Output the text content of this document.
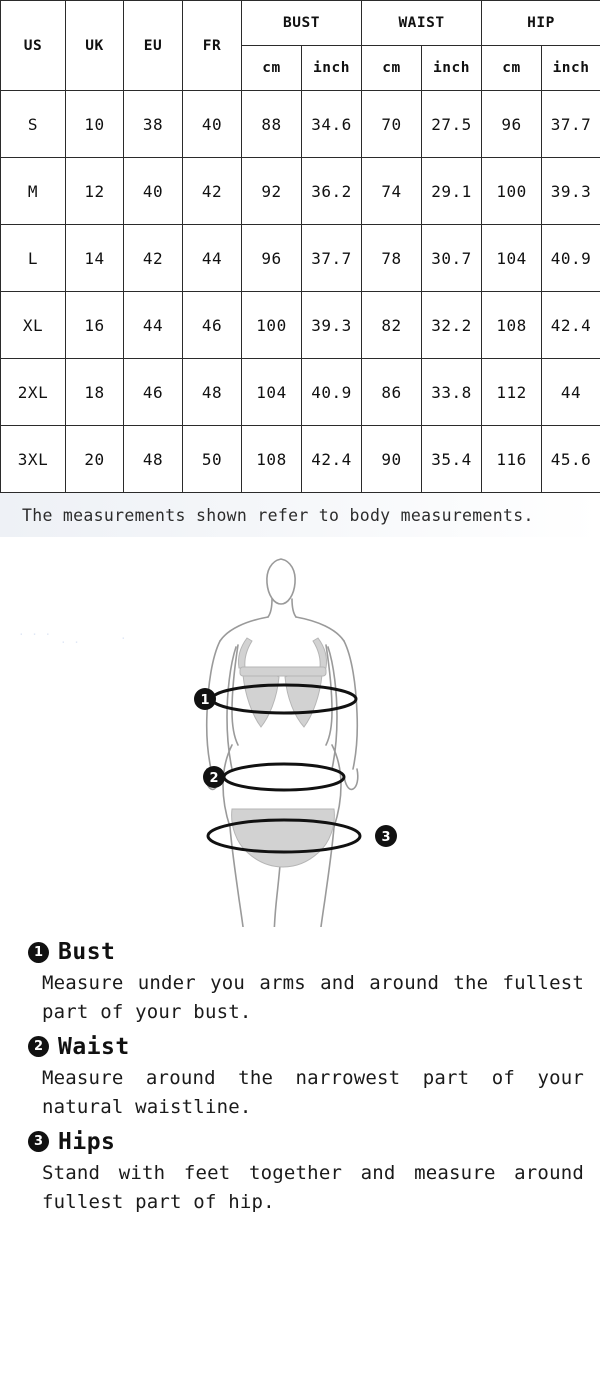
US	UK	EU	FR	BUST		WAIST		HIP	
				cm	inch	cm	inch	cm	inch
S	10	38	40	88	34.6	70	27.5	96	37.7
M	12	40	42	92	36.2	74	29.1	100	39.3
L	14	42	44	96	37.7	78	30.7	104	40.9
XL	16	44	46	100	39.3	82	32.2	108	42.4
2XL	18	46	48	104	40.9	86	33.8	112	44
3XL	20	48	50	108	42.4	90	35.4	116	45.6
The measurements shown refer to body measurements.
. . .
. .	.
1
2
3
1 Bust

Measure under you arms and around the fullest part of your bust.

2 Waist

Measure around the narrowest part of your natural waistline.

3 Hips

Stand with feet together and measure around fullest part of hip.
